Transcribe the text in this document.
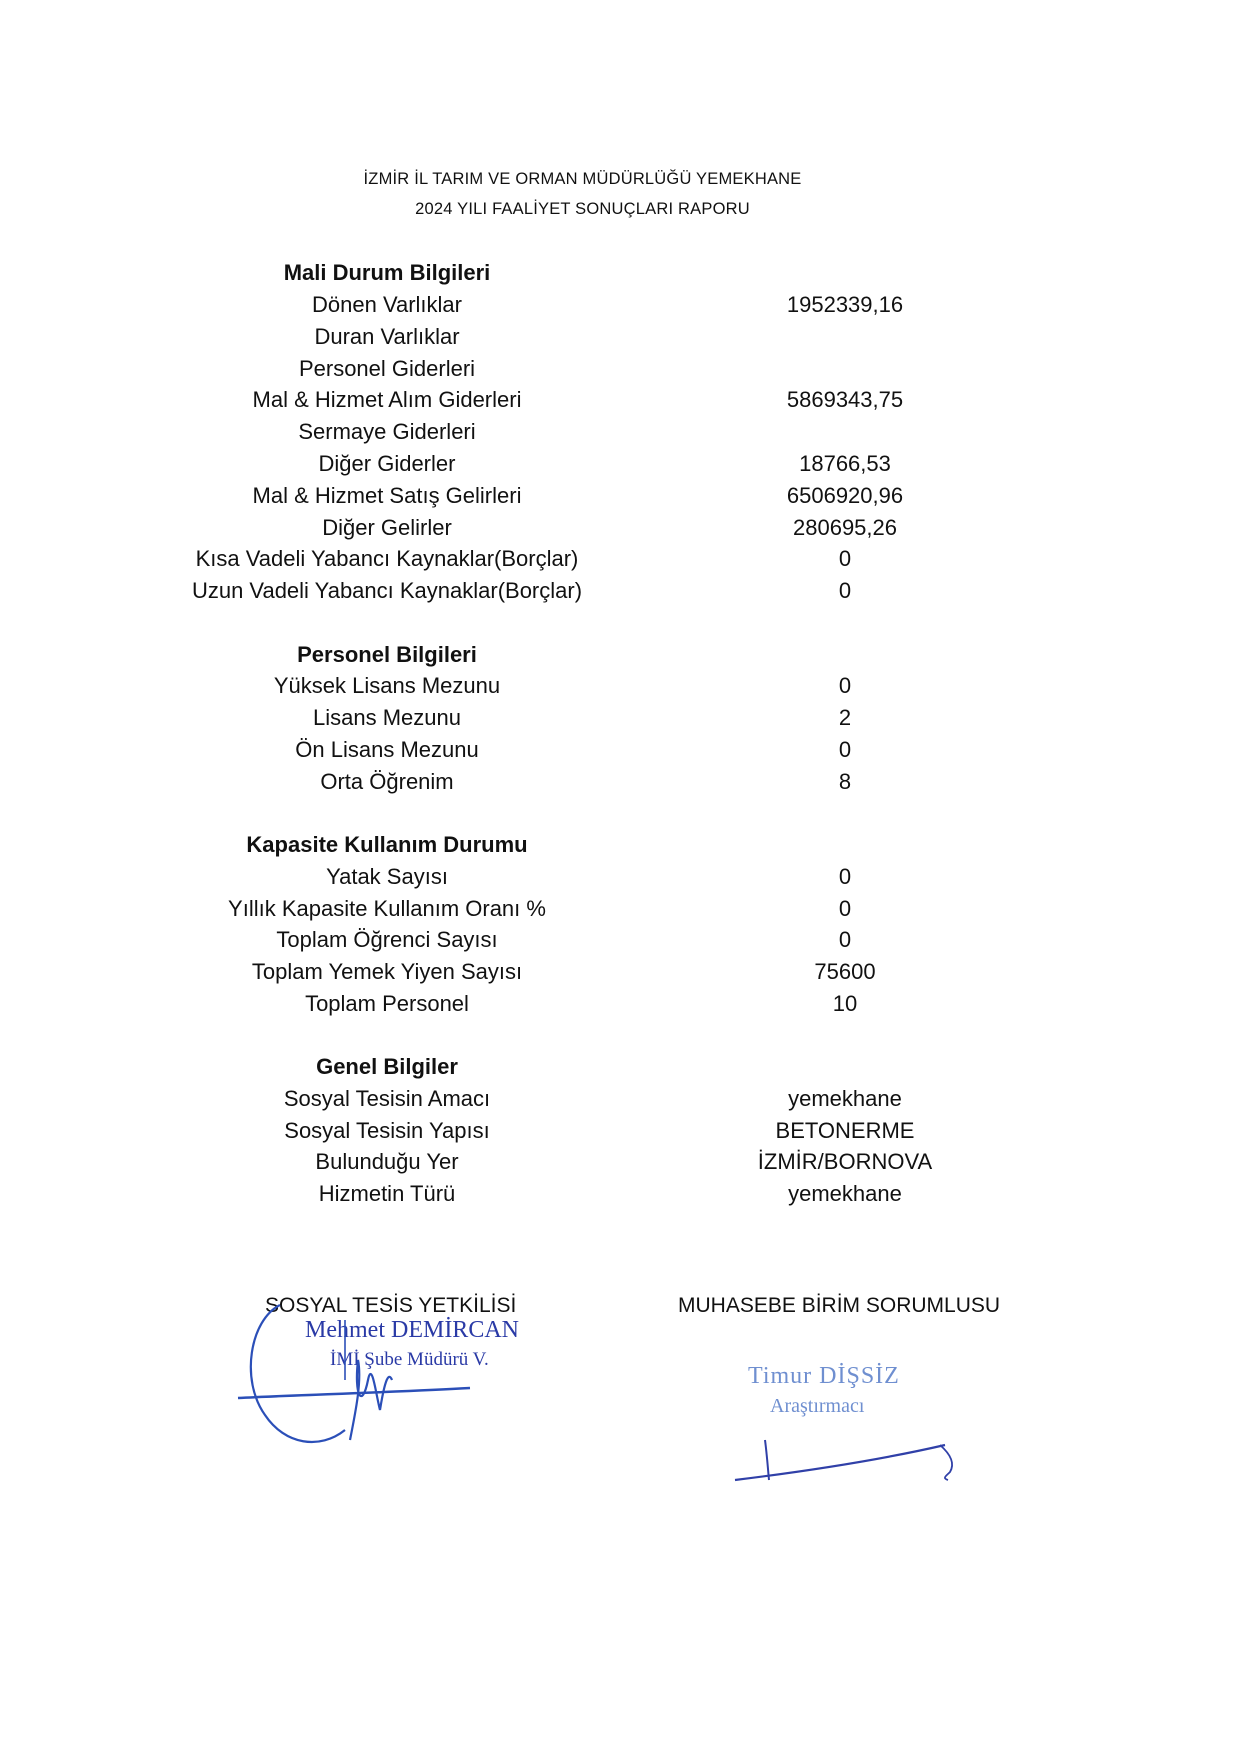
İZMİR İL TARIM VE ORMAN MÜDÜRLÜĞÜ YEMEKHANE
2024 YILI FAALİYET SONUÇLARI RAPORU
Mali Durum Bilgileri
Dönen Varlıklar	1952339,16
Duran Varlıklar
Personel Giderleri
Mal & Hizmet Alım Giderleri	5869343,75
Sermaye Giderleri
Diğer Giderler	18766,53
Mal & Hizmet Satış Gelirleri	6506920,96
Diğer Gelirler	280695,26
Kısa Vadeli Yabancı Kaynaklar(Borçlar)	0
Uzun Vadeli Yabancı Kaynaklar(Borçlar)	0
Personel Bilgileri
Yüksek Lisans Mezunu	0
Lisans Mezunu	2
Ön Lisans Mezunu	0
Orta Öğrenim	8
Kapasite Kullanım Durumu
Yatak Sayısı	0
Yıllık Kapasite Kullanım Oranı %	0
Toplam Öğrenci Sayısı	0
Toplam Yemek Yiyen Sayısı	75600
Toplam Personel	10
Genel Bilgiler
Sosyal Tesisin Amacı	yemekhane
Sosyal Tesisin Yapısı	BETONERME
Bulunduğu Yer	İZMİR/BORNOVA
Hizmetin Türü	yemekhane
SOSYAL TESİS YETKİLİSİ
Mehmet DEMİRCAN
İMİ Şube Müdürü V.
MUHASEBE BİRİM SORUMLUSU
Timur DİŞSİZ
Araştırmacı
